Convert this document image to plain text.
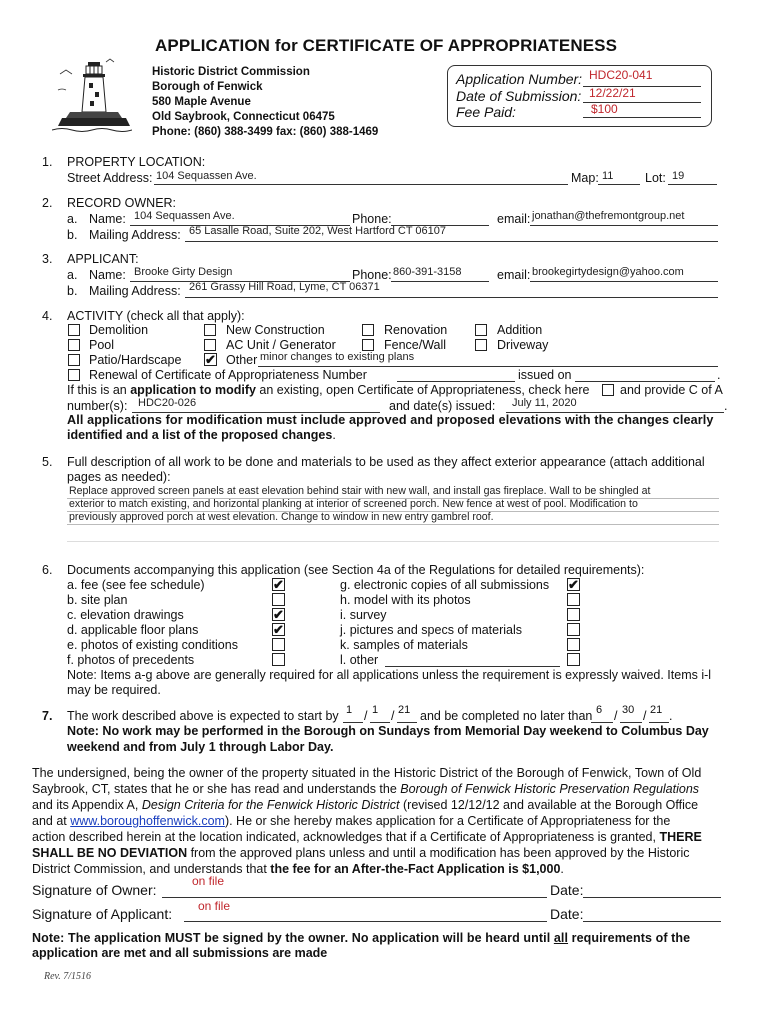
APPLICATION for CERTIFICATE OF APPROPRIATENESS
Historic District Commission
Borough of Fenwick
580 Maple Avenue
Old Saybrook, Connecticut 06475
Phone: (860) 388-3499 fax: (860) 388-1469
Application Number: HDC20-041
Date of Submission: 12/22/21
Fee Paid:	$100
1. PROPERTY LOCATION:
Street Address: 104 Sequassen Ave.	Map: 11	Lot: 19
2. RECORD OWNER:
a. Name: 104 Sequassen Ave.	Phone:	email: jonathan@thefremontgroup.net
b. Mailing Address: 65 Lasalle Road, Suite 202, West Hartford CT 06107
3. APPLICANT:
a. Name: Brooke Girty Design	Phone: 860-391-3158	email: brookegirtydesign@yahoo.com
b. Mailing Address: 261 Grassy Hill Road, Lyme, CT 06371
4. ACTIVITY (check all that apply):
Demolition	New Construction	Renovation	Addition
Pool	AC Unit / Generator	Fence/Wall	Driveway
Patio/Hardscape ✔ Other minor changes to existing plans
Renewal of Certificate of Appropriateness Number	issued on	.
If this is an application to modify an existing, open Certificate of Appropriateness, check here and provide C of A
number(s): HDC20-026	and date(s) issued: July 11, 2020	.
All applications for modification must include approved and proposed elevations with the changes clearly
identified and a list of the proposed changes.
5. Full description of all work to be done and materials to be used as they affect exterior appearance (attach additional
pages as needed):
Replace approved screen panels at east elevation behind stair with new wall, and install gas fireplace. Wall to be shingled at
exterior to match existing, and horizontal planking at interior of screened porch. New fence at west of pool. Modification to
previously approved porch at west elevation. Change to window in new entry gambrel roof.
6. Documents accompanying this application (see Section 4a of the Regulations for detailed requirements):
a. fee (see fee schedule)	✔
b. site plan
c. elevation drawings	✔
d. applicable floor plans	✔
e. photos of existing conditions
f. photos of precedents
g. electronic copies of all submissions ✔
h. model with its photos
i. survey
j. pictures and specs of materials
k. samples of materials
l. other
Note: Items a-g above are generally required for all applications unless the requirement is expressly waived. Items i-l
may be required.
7. The work described above is expected to start by 1 / 1 / 21 and be completed no later than 6 / 30 / 21 .
Note: No work may be performed in the Borough on Sundays from Memorial Day weekend to Columbus Day
weekend and from July 1 through Labor Day.
The undersigned, being the owner of the property situated in the Historic District of the Borough of Fenwick, Town of Old
Saybrook, CT, states that he or she has read and understands the Borough of Fenwick Historic Preservation Regulations
and its Appendix A, Design Criteria for the Fenwick Historic District (revised 12/12/12 and available at the Borough Office
and at www.boroughoffenwick.com). He or she hereby makes application for a Certificate of Appropriateness for the
action described herein at the location indicated, acknowledges that if a Certificate of Appropriateness is granted, THERE
SHALL BE NO DEVIATION from the approved plans unless and until a modification has been approved by the Historic
District Commission, and understands that the fee for an After-the-Fact Application is $1,000.
Signature of Owner:
on file
Date:
Signature of Applicant: on file	Date:
Note: The application MUST be signed by the owner. No application will be heard until all requirements of the
application are met and all submissions are made
Rev. 7/1516
